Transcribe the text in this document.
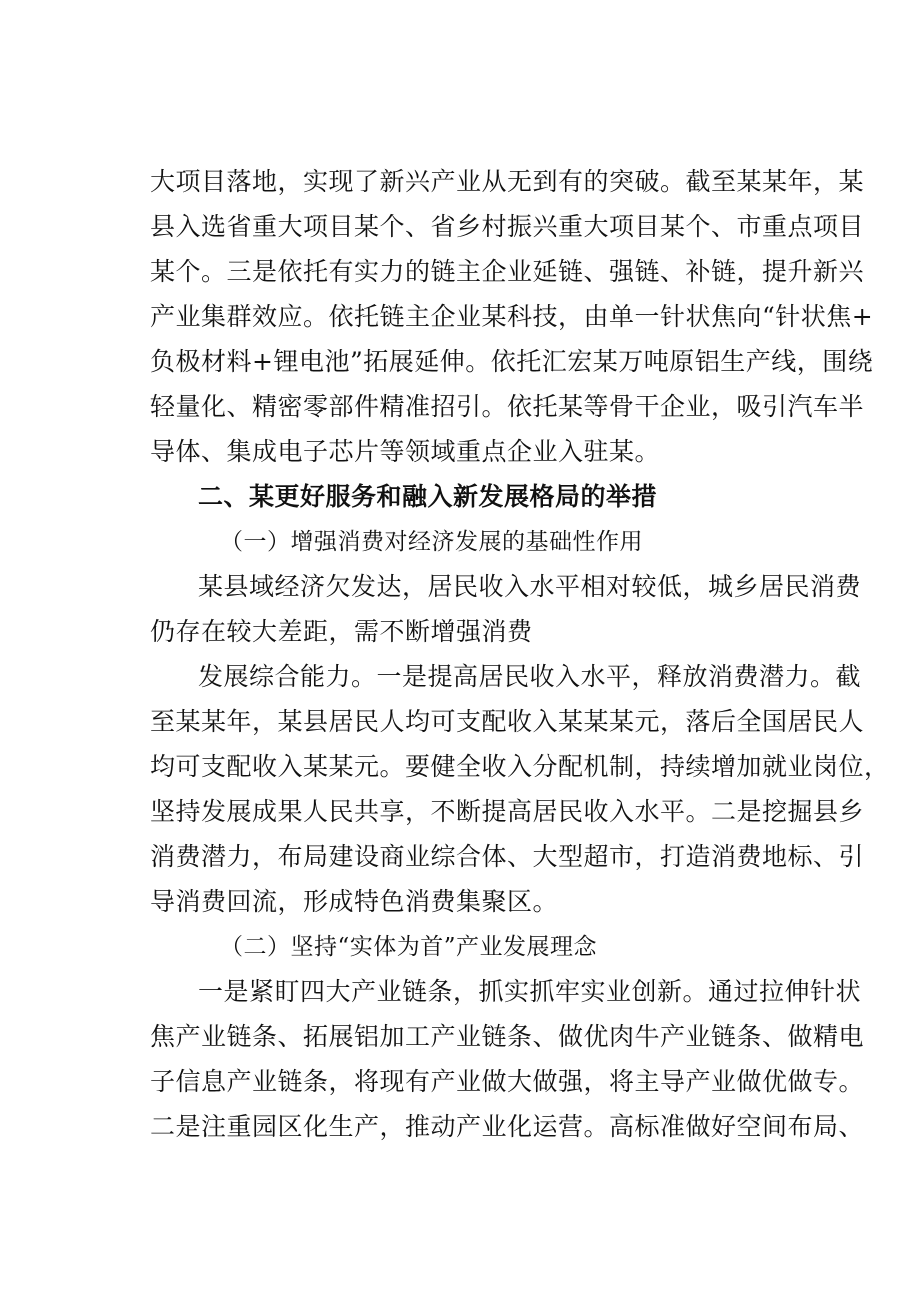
大项目落地，实现了新兴产业从无到有的突破。截至某某年，某
县入选省重大项目某个、省乡村振兴重大项目某个、市重点项目
某个。三是依托有实力的链主企业延链、强链、补链，提升新兴
产业集群效应。依托链主企业某科技，由单一针状焦向“针状焦+
负极材料+锂电池”拓展延伸。依托汇宏某万吨原铝生产线，围绕
轻量化、精密零部件精准招引。依托某等骨干企业，吸引汽车半
导体、集成电子芯片等领域重点企业入驻某。
二、某更好服务和融入新发展格局的举措
（一）增强消费对经济发展的基础性作用
某县域经济欠发达，居民收入水平相对较低，城乡居民消费
仍存在较大差距，需不断增强消费
发展综合能力。一是提高居民收入水平，释放消费潜力。截
至某某年，某县居民人均可支配收入某某某元，落后全国居民人
均可支配收入某某元。要健全收入分配机制，持续增加就业岗位，
坚持发展成果人民共享，不断提高居民收入水平。二是挖掘县乡
消费潜力，布局建设商业综合体、大型超市，打造消费地标、引
导消费回流，形成特色消费集聚区。
（二）坚持“实体为首”产业发展理念
一是紧盯四大产业链条，抓实抓牢实业创新。通过拉伸针状
焦产业链条、拓展铝加工产业链条、做优肉牛产业链条、做精电
子信息产业链条，将现有产业做大做强，将主导产业做优做专。
二是注重园区化生产，推动产业化运营。高标准做好空间布局、
